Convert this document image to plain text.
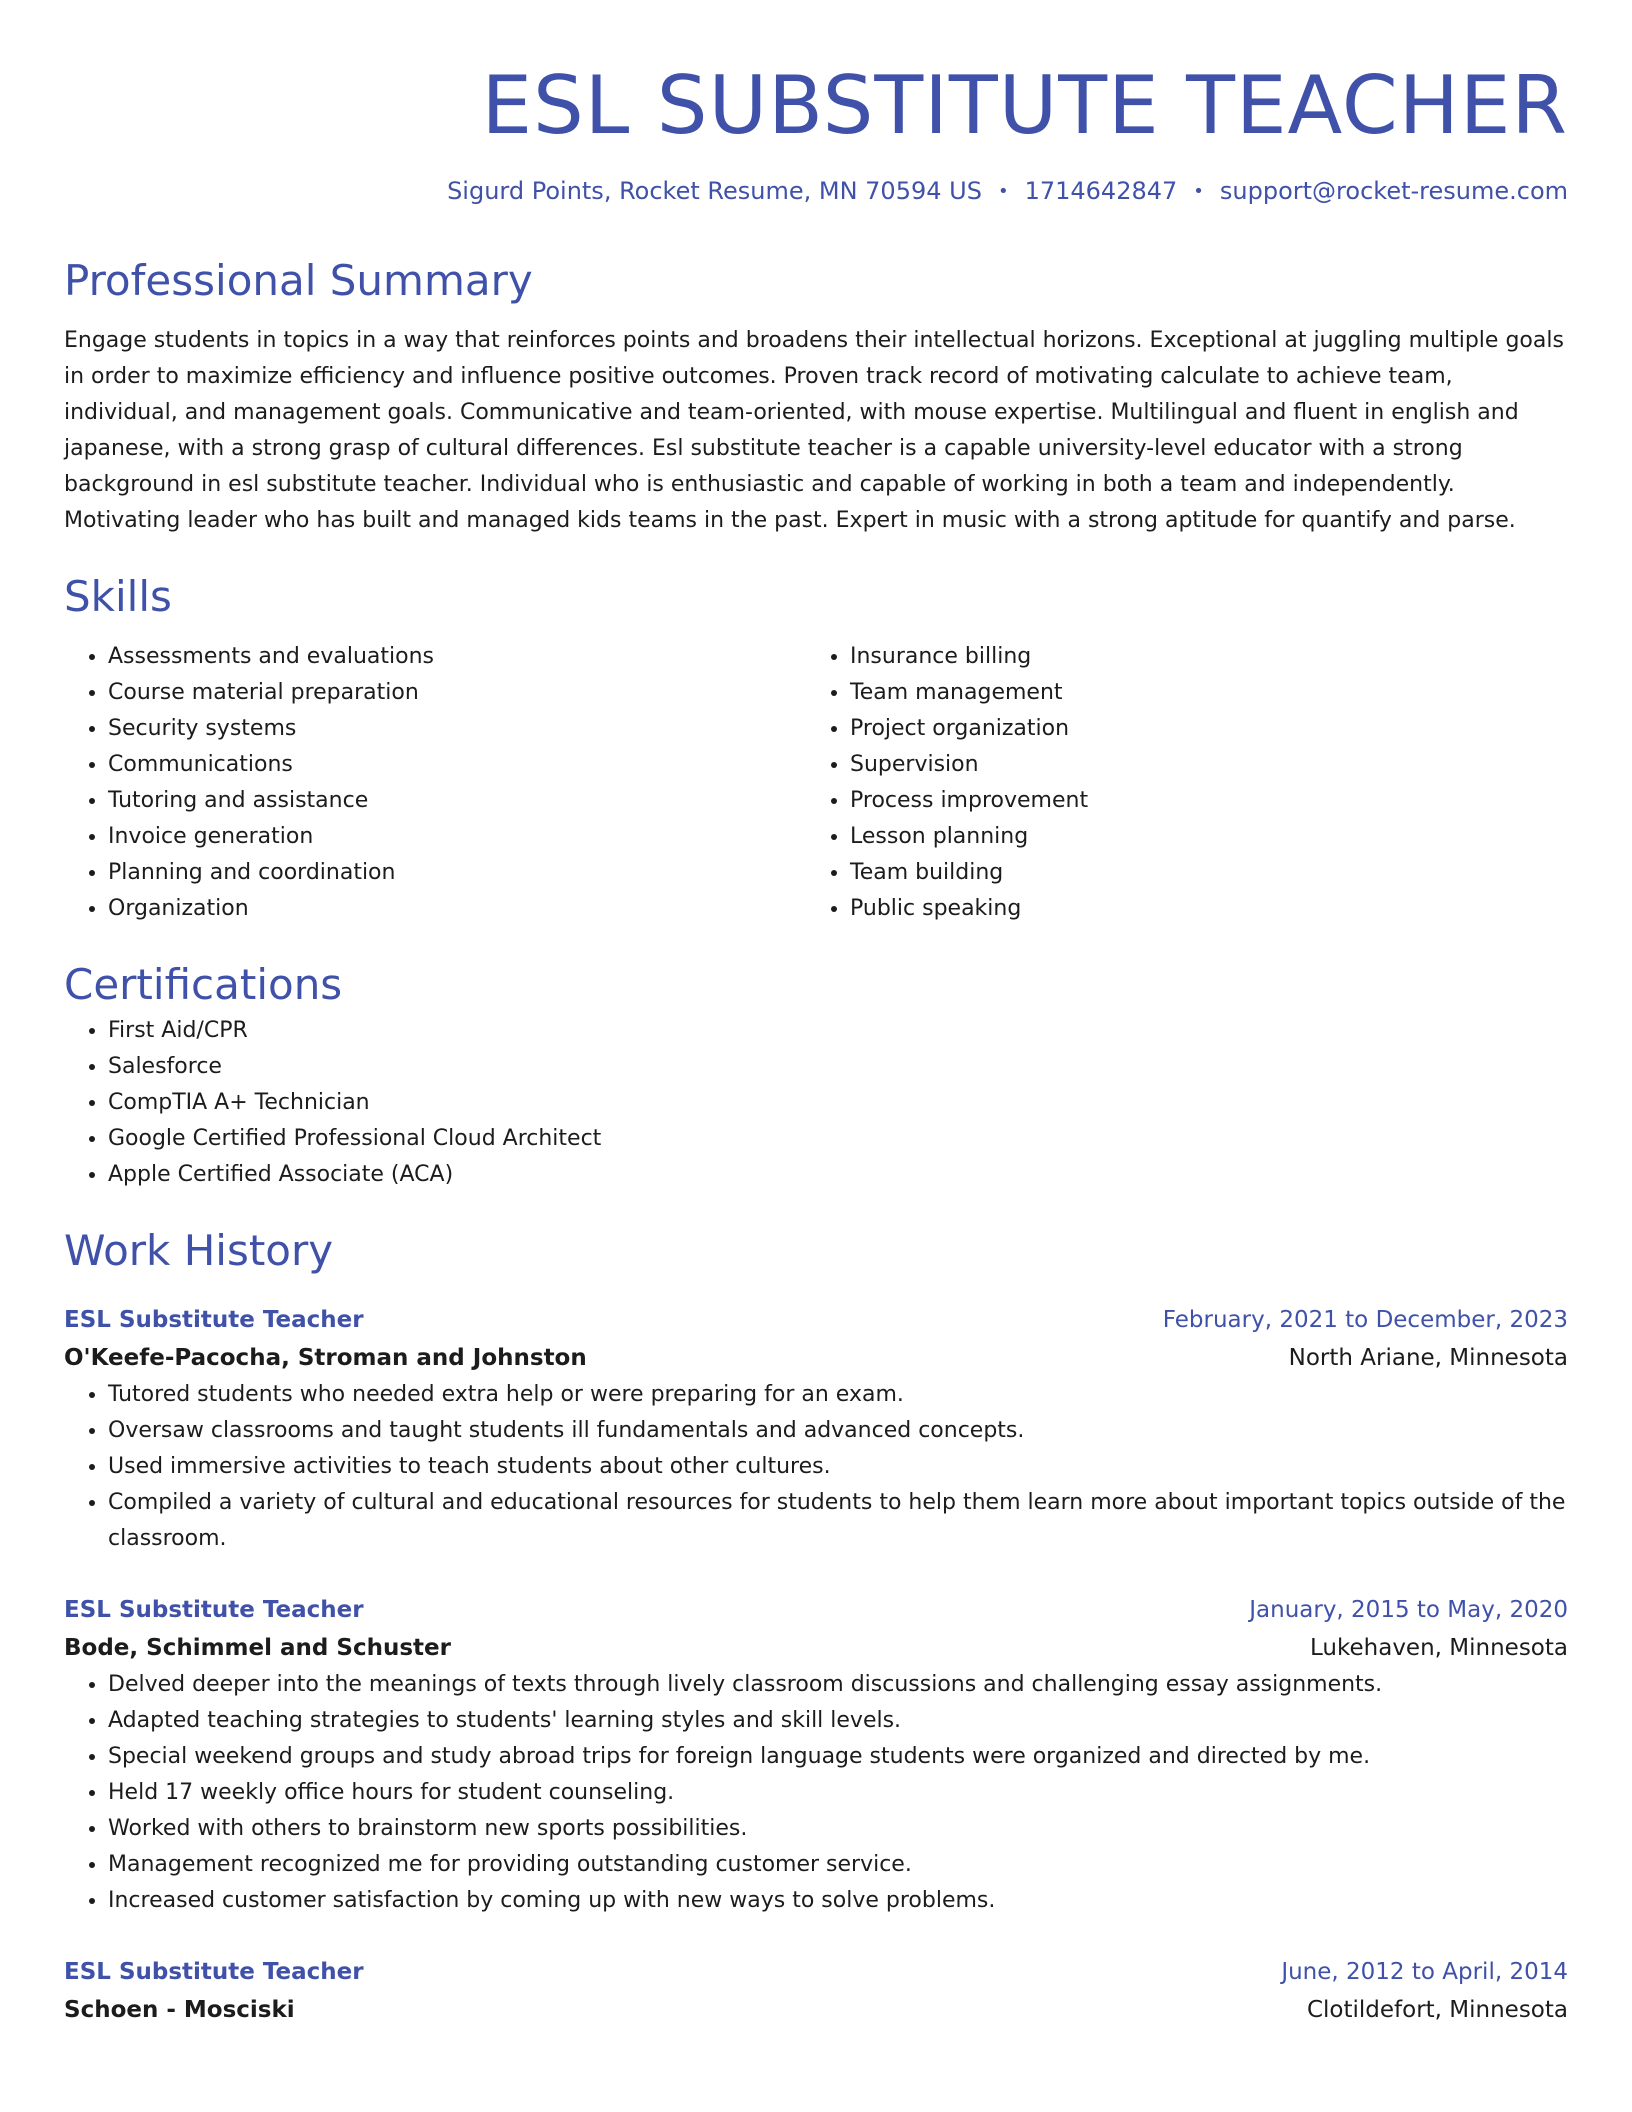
ESL SUBSTITUTE TEACHER
Sigurd Points, Rocket Resume, MN 70594 US • 1714642847 • support@rocket-resume.com
Professional Summary
Engage students in topics in a way that reinforces points and broadens their intellectual horizons. Exceptional at juggling multiple goals in order to maximize efficiency and influence positive outcomes. Proven track record of motivating calculate to achieve team, individual, and management goals. Communicative and team-oriented, with mouse expertise. Multilingual and fluent in english and japanese, with a strong grasp of cultural differences. Esl substitute teacher is a capable university-level educator with a strong background in esl substitute teacher. Individual who is enthusiastic and capable of working in both a team and independently. Motivating leader who has built and managed kids teams in the past. Expert in music with a strong aptitude for quantify and parse.
Skills
• Assessments and evaluations
• Course material preparation
• Security systems
• Communications
• Tutoring and assistance
• Invoice generation
• Planning and coordination
• Organization
• Insurance billing
• Team management
• Project organization
• Supervision
• Process improvement
• Lesson planning
• Team building
• Public speaking
Certifications
• First Aid/CPR
• Salesforce
• CompTIA A+ Technician
• Google Certified Professional Cloud Architect
• Apple Certified Associate (ACA)
Work History
ESL Substitute Teacher	February, 2021 to December, 2023
O'Keefe-Pacocha, Stroman and Johnston	North Ariane, Minnesota
• Tutored students who needed extra help or were preparing for an exam.
• Oversaw classrooms and taught students ill fundamentals and advanced concepts.
• Used immersive activities to teach students about other cultures.
• Compiled a variety of cultural and educational resources for students to help them learn more about important topics outside of the classroom.
ESL Substitute Teacher	January, 2015 to May, 2020
Bode, Schimmel and Schuster	Lukehaven, Minnesota
• Delved deeper into the meanings of texts through lively classroom discussions and challenging essay assignments.
• Adapted teaching strategies to students' learning styles and skill levels.
• Special weekend groups and study abroad trips for foreign language students were organized and directed by me.
• Held 17 weekly office hours for student counseling.
• Worked with others to brainstorm new sports possibilities.
• Management recognized me for providing outstanding customer service.
• Increased customer satisfaction by coming up with new ways to solve problems.
ESL Substitute Teacher	June, 2012 to April, 2014
Schoen - Mosciski	Clotildefort, Minnesota
